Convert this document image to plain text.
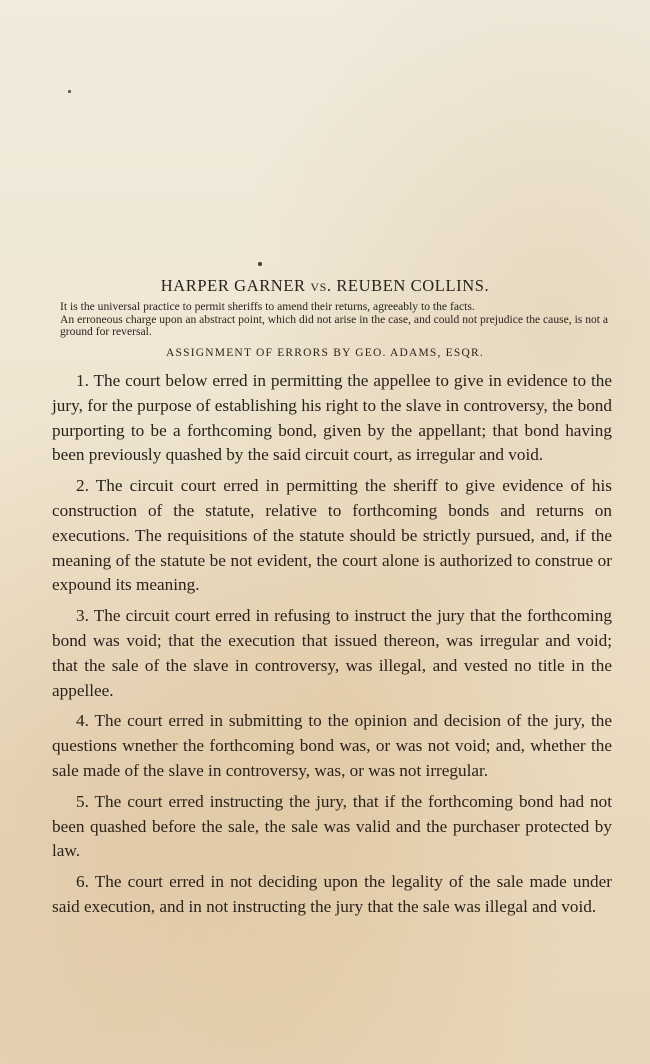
HARPER GARNER vs. REUBEN COLLINS.
It is the universal practice to permit sheriffs to amend their returns, agreeably to the facts.
An erroneous charge upon an abstract point, which did not arise in the case, and could not prejudice the cause, is not a ground for reversal.
ASSIGNMENT OF ERRORS BY GEO. ADAMS, ESQR.

1. The court below erred in permitting the appellee to give in evidence to the jury, for the purpose of establishing his right to the slave in controversy, the bond purporting to be a forthcoming bond, given by the appellant; that bond having been previously quashed by the said circuit court, as irregular and void.

2. The circuit court erred in permitting the sheriff to give evidence of his construction of the statute, relative to forthcoming bonds and returns on executions. The requisitions of the statute should be strictly pursued, and, if the meaning of the statute be not evident, the court alone is authorized to construe or expound its meaning.

3. The circuit court erred in refusing to instruct the jury that the forthcoming bond was void; that the execution that issued thereon, was irregular and void; that the sale of the slave in controversy, was illegal, and vested no title in the appellee.

4. The court erred in submitting to the opinion and decision of the jury, the questions wnether the forthcoming bond was, or was not void; and, whether the sale made of the slave in controversy, was, or was not irregular.

5. The court erred instructing the jury, that if the forthcoming bond had not been quashed before the sale, the sale was valid and the purchaser protected by law.

6. The court erred in not deciding upon the legality of the sale made under said execution, and in not instructing the jury that the sale was illegal and void.
